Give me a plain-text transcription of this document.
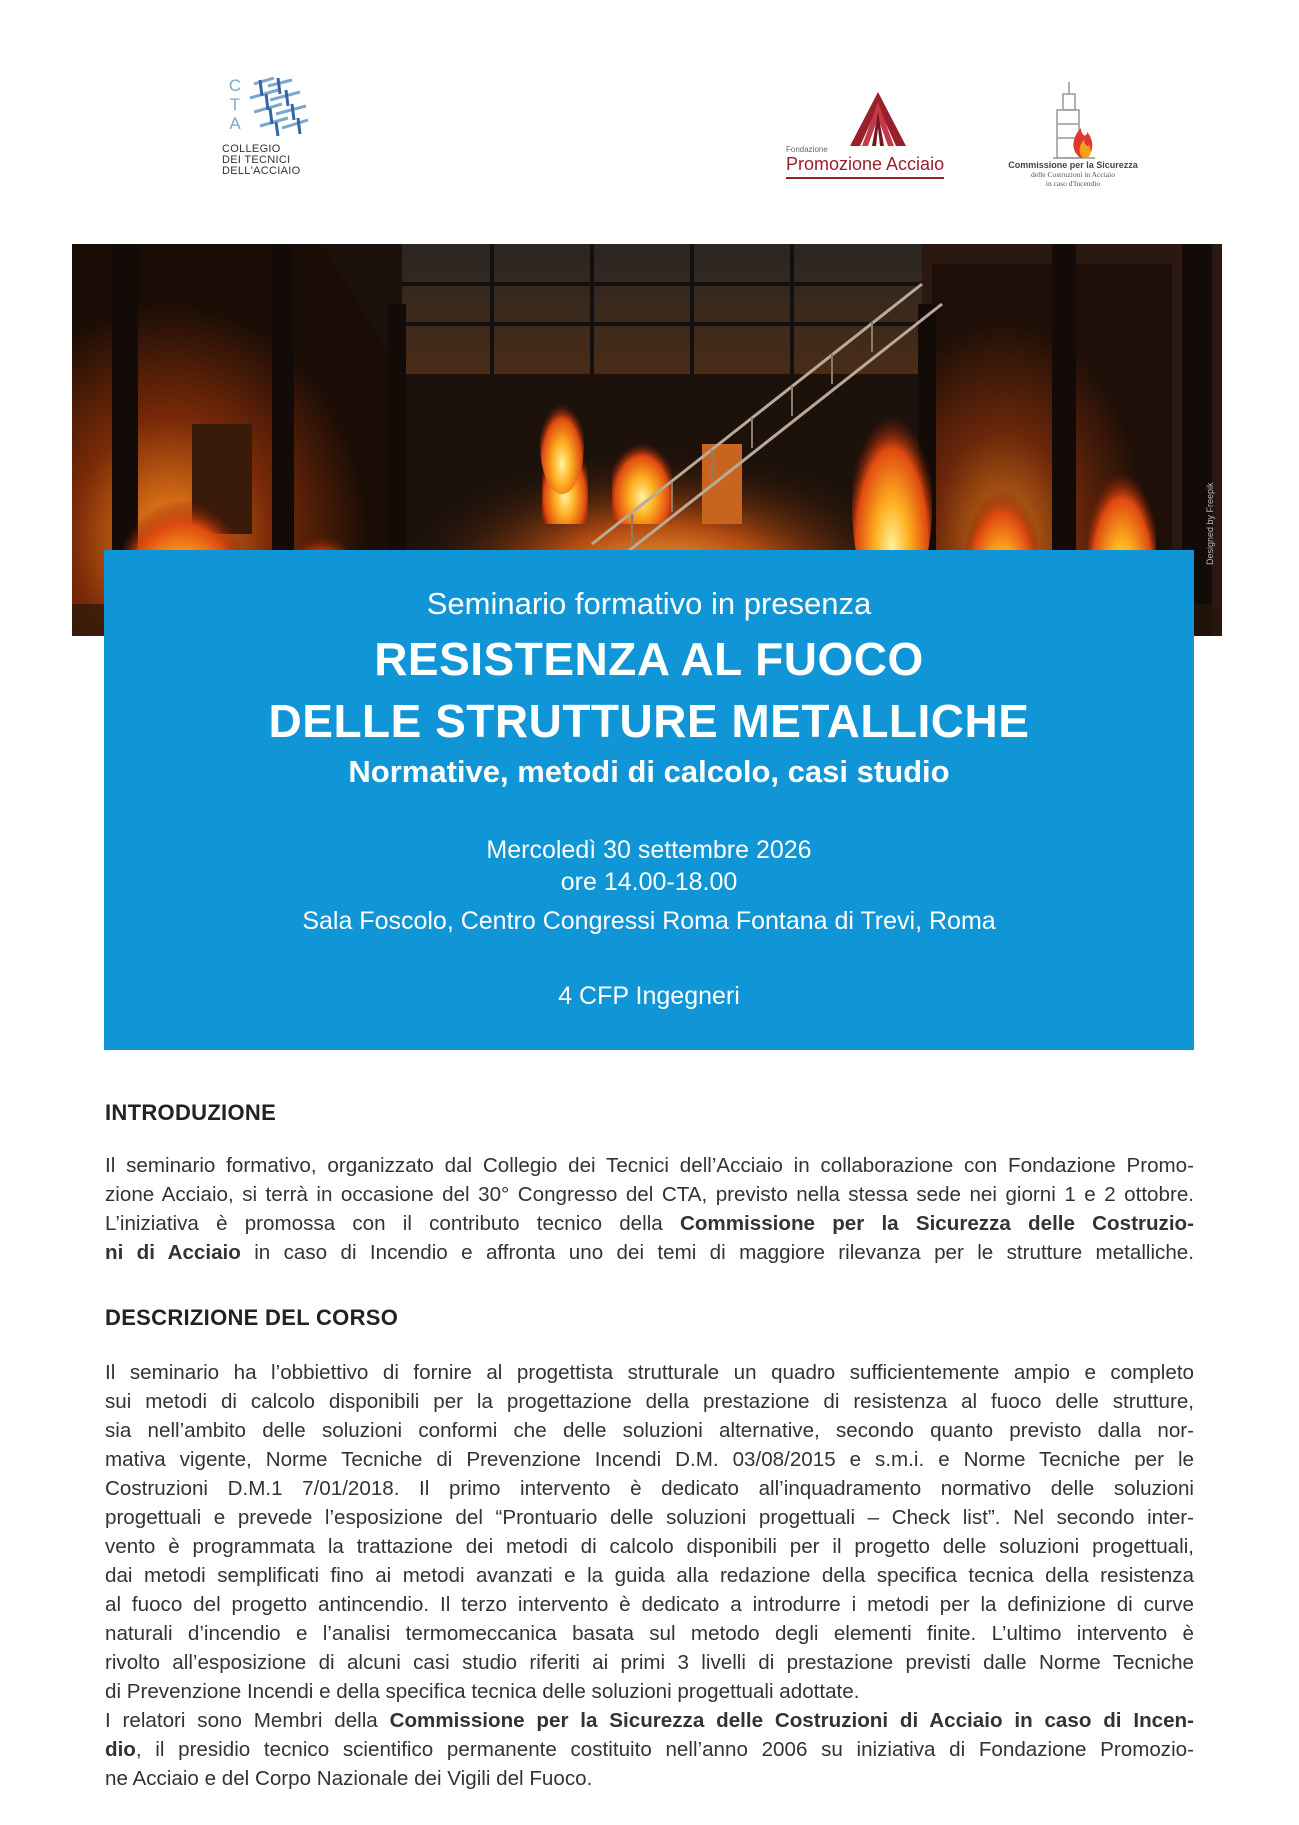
C
T
A
COLLEGIO
DEI TECNICI
DELL'ACCIAIO
Fondazione
Promozione Acciaio	Commissione per la Sicurezza
delle Costruzioni in Acciaio
in caso d'Incendio
Designed by Freepik
Seminario formativo in presenza
RESISTENZA AL FUOCO
DELLE STRUTTURE METALLICHE
Normative, metodi di calcolo, casi studio
Mercoledì 30 settembre 2026
ore 14.00-18.00
Sala Foscolo, Centro Congressi Roma Fontana di Trevi, Roma
4 CFP Ingegneri
INTRODUZIONE
Il seminario formativo, organizzato dal Collegio dei Tecnici dell’Acciaio in collaborazione con Fondazione Promo-
zione Acciaio, si terrà in occasione del 30° Congresso del CTA, previsto nella stessa sede nei giorni 1 e 2 ottobre.
L’iniziativa è promossa con il contributo tecnico della Commissione per la Sicurezza delle Costruzio-
ni di Acciaio in caso di Incendio e affronta uno dei temi di maggiore rilevanza per le strutture metalliche.
DESCRIZIONE DEL CORSO
Il seminario ha l’obbiettivo di fornire al progettista strutturale un quadro sufficientemente ampio e completo
sui metodi di calcolo disponibili per la progettazione della prestazione di resistenza al fuoco delle strutture,
sia nell’ambito delle soluzioni conformi che delle soluzioni alternative, secondo quanto previsto dalla nor-
mativa vigente, Norme Tecniche di Prevenzione Incendi D.M. 03/08/2015 e s.m.i. e Norme Tecniche per le
Costruzioni D.M.1 7/01/2018. Il primo intervento è dedicato all’inquadramento normativo delle soluzioni
progettuali e prevede l’esposizione del “Prontuario delle soluzioni progettuali – Check list”. Nel secondo inter-
vento è programmata la trattazione dei metodi di calcolo disponibili per il progetto delle soluzioni progettuali,
dai metodi semplificati fino ai metodi avanzati e la guida alla redazione della specifica tecnica della resistenza
al fuoco del progetto antincendio. Il terzo intervento è dedicato a introdurre i metodi per la definizione di curve
naturali d’incendio e l’analisi termomeccanica basata sul metodo degli elementi finite. L’ultimo intervento è
rivolto all’esposizione di alcuni casi studio riferiti ai primi 3 livelli di prestazione previsti dalle Norme Tecniche
di Prevenzione Incendi e della specifica tecnica delle soluzioni progettuali adottate.
I relatori sono Membri della Commissione per la Sicurezza delle Costruzioni di Acciaio in caso di Incen-
dio, il presidio tecnico scientifico permanente costituito nell’anno 2006 su iniziativa di Fondazione Promozio-
ne Acciaio e del Corpo Nazionale dei Vigili del Fuoco.
